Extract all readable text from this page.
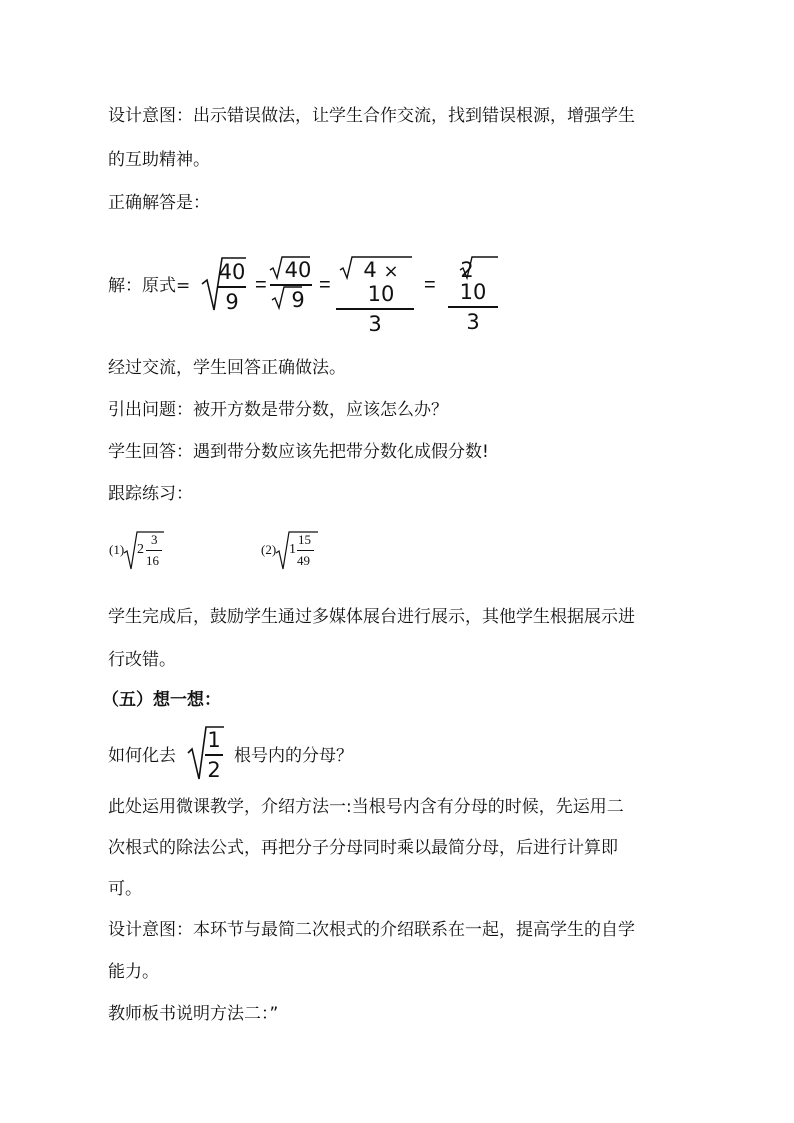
设计意图：出示错误做法，让学生合作交流，找到错误根源，增强学生
的互助精神。
正确解答是：
解：原式=
40
9
=
40
9
=
4 × 10
3
=
210
3
经过交流，学生回答正确做法。
引出问题：被开方数是带分数，应该怎么办？
学生回答：遇到带分数应该先把带分数化成假分数!
跟踪练习：
(1) 2
3
16
(2) 1
15
49
学生完成后，鼓励学生通过多媒体展台进行展示，其他学生根据展示进
行改错。
（五）想一想：
如何化去
1
2
根号内的分母？
此处运用微课教学，介绍方法一:当根号内含有分母的时候，先运用二
次根式的除法公式，再把分子分母同时乘以最简分母，后进行计算即
可。
设计意图：本环节与最简二次根式的介绍联系在一起，提高学生的自学
能力。
教师板书说明方法二：”
